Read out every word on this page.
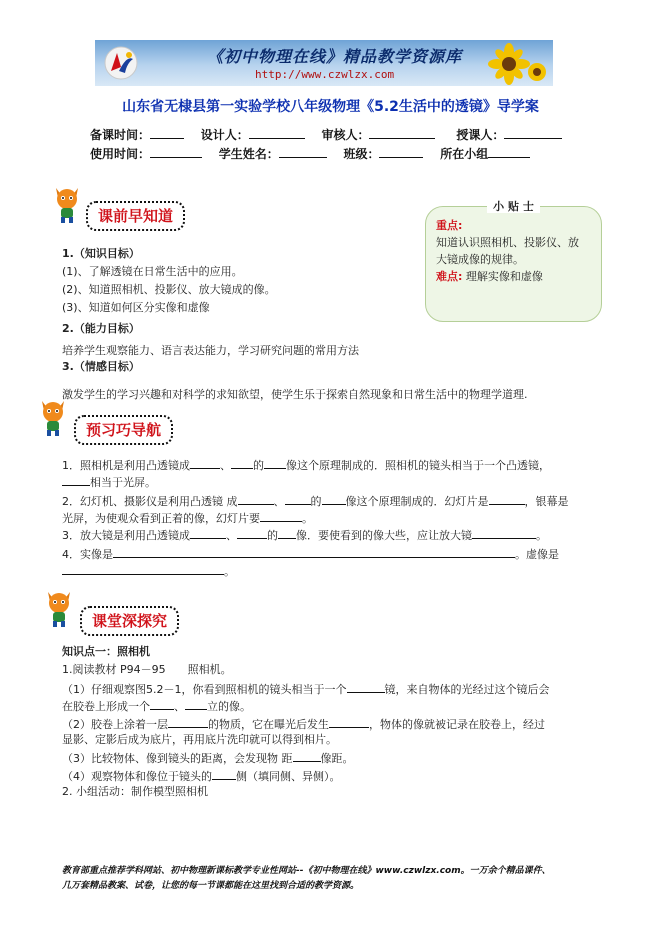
《初中物理在线》精品教学资源库
http://www.czwlzx.com
山东省无棣县第一实验学校八年级物理《5.2生活中的透镜》导学案
备课时间：	设计人：	审核人：	授课人：
使用时间：	学生姓名：	班级：	所在小组
课前早知道
小 贴 士
重点:
知道认识照相机、投影仪、放
大镜成像的规律。
难点: 理解实像和虚像
1.（知识目标）
(1)、了解透镜在日常生活中的应用。
(2)、知道照相机、投影仪、放大镜成的像。
(3)、知道如何区分实像和虚像
2.（能力目标）
培养学生观察能力、语言表达能力，学习研究问题的常用方法
3.（情感目标）
激发学生的学习兴趣和对科学的求知欲望，使学生乐于探索自然现象和日常生活中的物理学道理.
预习巧导航
1．照相机是利用凸透镜成	、 的 像这个原理制成的．照相机的镜头相当于一个凸透镜，
相当于光屏。
2．幻灯机、摄影仪是利用凸透镜 成	、 的 像这个原理制成的．幻灯片是	，银幕是
光屏，为使观众看到正着的像，幻灯片要	。
3．放大镜是利用凸透镜成	、	的 像．要使看到的像大些，应让放大镜	。
4．实像是	。虚像是
。
课堂深探究
知识点一：照相机
1.阅读教材 P94－95　　照相机。
（1）仔细观察图5.2－1，你看到照相机的镜头相当于一个	镜，来自物体的光经过这个镜后会
在胶卷上形成一个 、 立的像。
（2）胶卷上涂着一层	的物质，它在曝光后发生	，物体的像就被记录在胶卷上，经过
显影、定影后成为底片，再用底片洗印就可以得到相片。
（3）比较物体、像到镜头的距离，会发现物 距	像距。
（4）观察物体和像位于镜头的 侧（填同侧、异侧）。
2. 小组活动：制作模型照相机
教育部重点推荐学科网站、初中物理新课标教学专业性网站--《初中物理在线》www.czwlzx.com。一万余个精品课件、
几万套精品教案、试卷，让您的每一节课都能在这里找到合适的教学资源。
